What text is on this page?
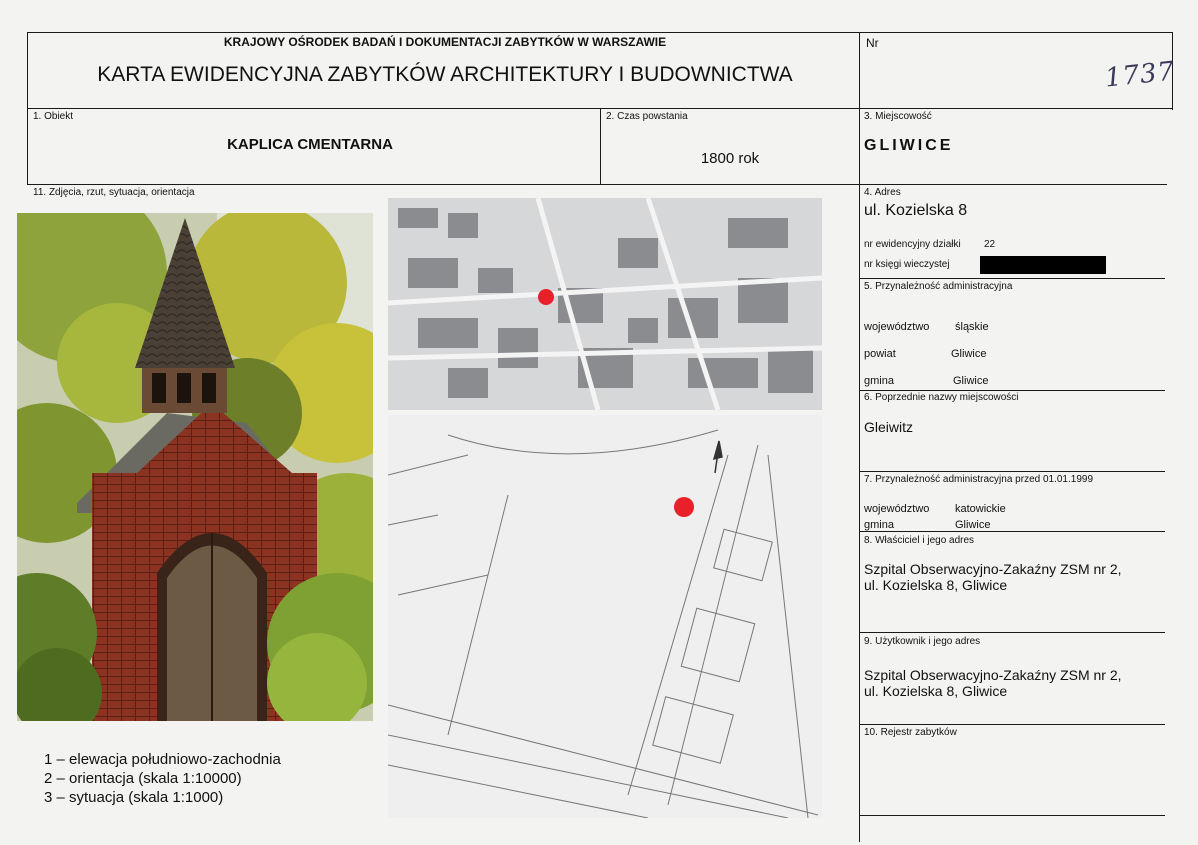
KRAJOWY OŚRODEK BADAŃ I DOKUMENTACJI ZABYTKÓW W WARSZAWIE
KARTA EWIDENCYJNA ZABYTKÓW ARCHITEKTURY I BUDOWNICTWA
Nr
1737
1. Obiekt
KAPLICA CMENTARNA
2. Czas powstania
1800 rok
3. Miejscowość
GLIWICE
11. Zdjęcia, rzut, sytuacja, orientacja
1 – elewacja południowo-zachodnia
2 – orientacja (skala 1:10000)
3 – sytuacja (skala 1:1000)
4. Adres
ul. Kozielska 8
nr ewidencyjny działki 22
nr księgi wieczystej
5. Przynależność administracyjna
województwo śląskie
powiat	Gliwice
gmina	Gliwice
6. Poprzednie nazwy miejscowości
Gleiwitz
7. Przynależność administracyjna przed 01.01.1999
województwo katowickie
gmina	Gliwice
8. Właściciel i jego adres
Szpital Obserwacyjno-Zakaźny ZSM nr 2,
ul. Kozielska 8, Gliwice
9. Użytkownik i jego adres
Szpital Obserwacyjno-Zakaźny ZSM nr 2,
ul. Kozielska 8, Gliwice
10. Rejestr zabytków
